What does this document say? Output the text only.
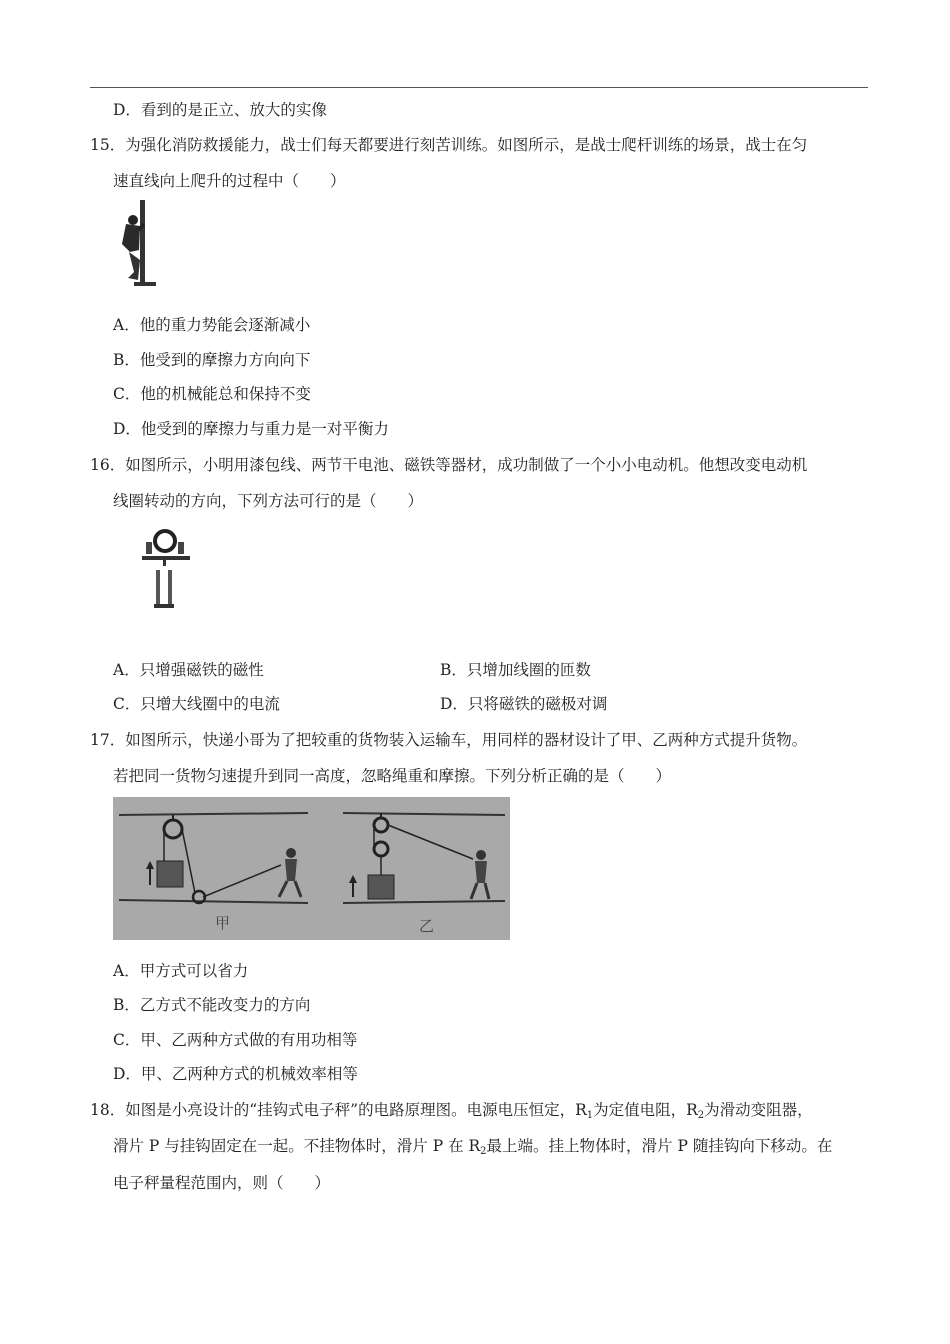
D．看到的是正立、放大的实像
15．为强化消防救援能力，战士们每天都要进行刻苦训练。如图所示，是战士爬杆训练的场景，战士在匀
速直线向上爬升的过程中（　　）
A．他的重力势能会逐渐减小
B．他受到的摩擦力方向向下
C．他的机械能总和保持不变
D．他受到的摩擦力与重力是一对平衡力
16．如图所示，小明用漆包线、两节干电池、磁铁等器材，成功制做了一个小小电动机。他想改变电动机
线圈转动的方向，下列方法可行的是（　　）
A．只增强磁铁的磁性	B．只增加线圈的匝数
C．只增大线圈中的电流	D．只将磁铁的磁极对调
17．如图所示，快递小哥为了把较重的货物装入运输车，用同样的器材设计了甲、乙两种方式提升货物。
若把同一货物匀速提升到同一高度，忽略绳重和摩擦。下列分析正确的是（　　）
甲	乙
A．甲方式可以省力
B．乙方式不能改变力的方向
C．甲、乙两种方式做的有用功相等
D．甲、乙两种方式的机械效率相等
18．如图是小亮设计的“挂钩式电子秤”的电路原理图。电源电压恒定，$R_1$为定值电阻，$R_2$为滑动变阻器，
滑片 P 与挂钩固定在一起。不挂物体时，滑片 P 在 $R_2$最上端。挂上物体时，滑片 P 随挂钩向下移动。在
电子秤量程范围内，则（　　）
